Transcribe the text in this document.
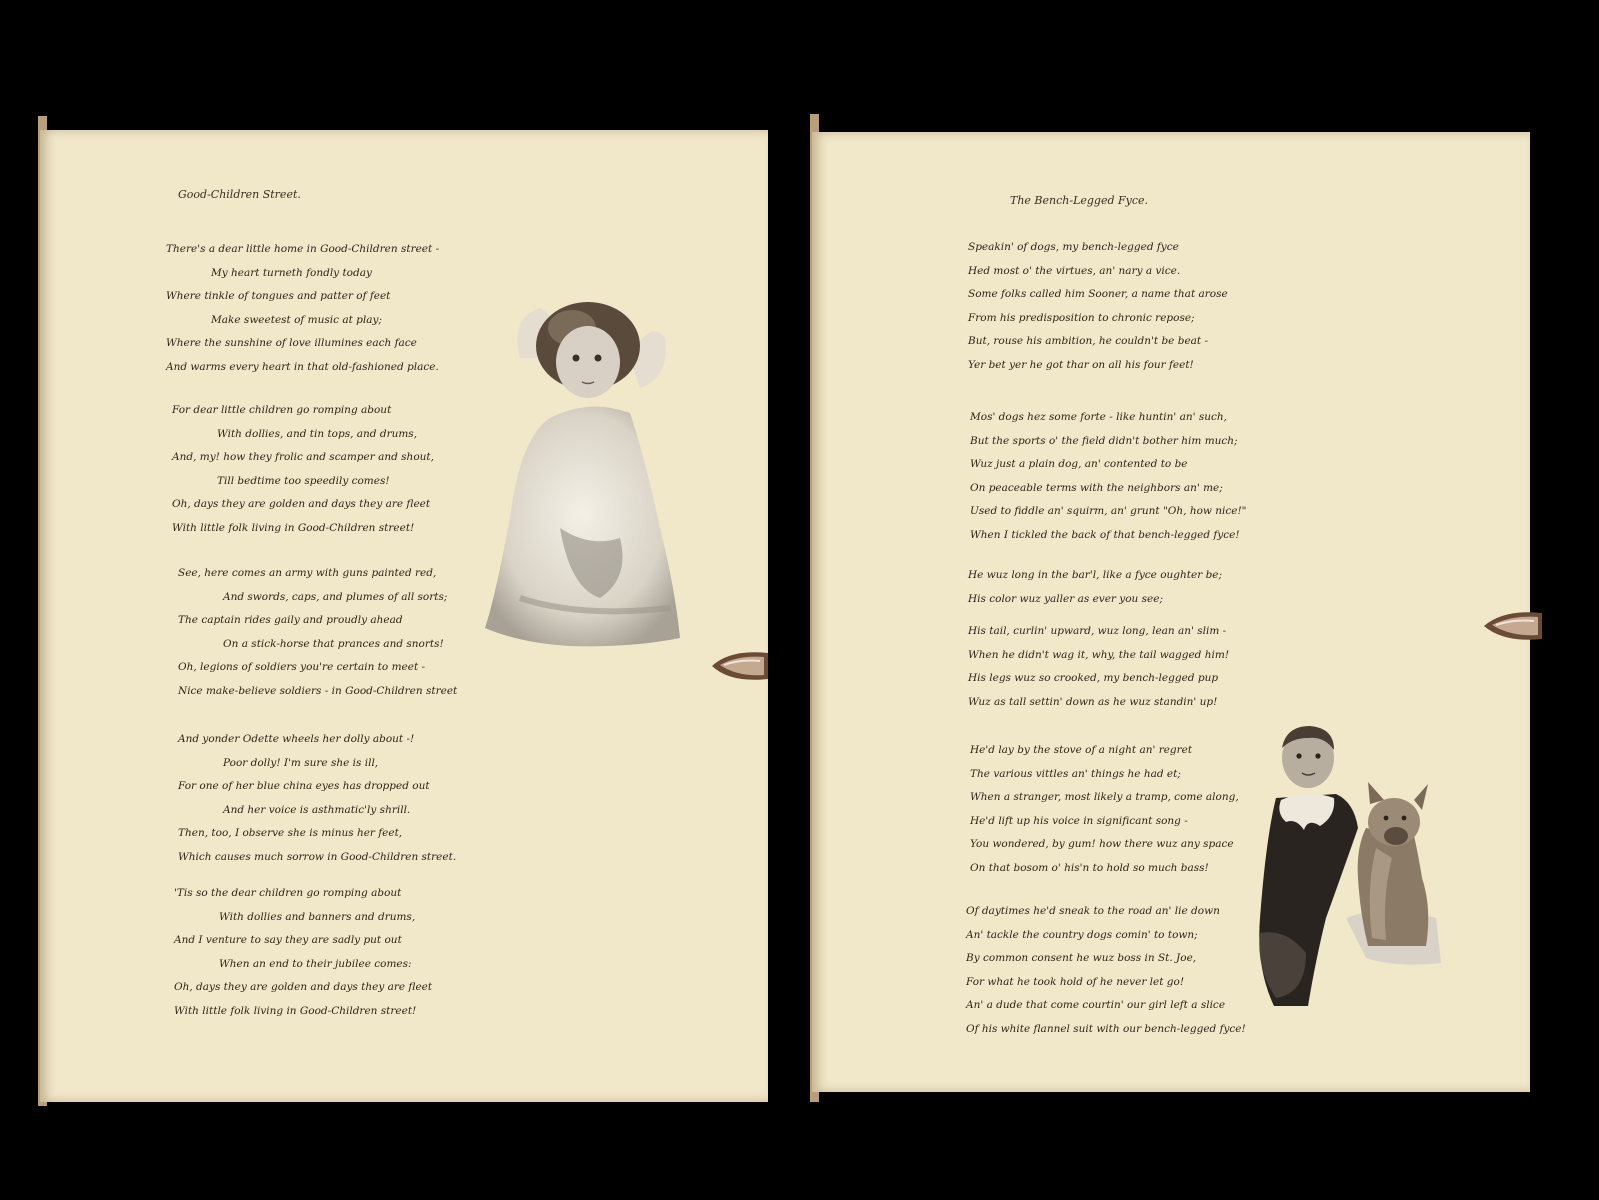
Good-Children Street.
There's a dear little home in Good-Children street -
My heart turneth fondly today
Where tinkle of tongues and patter of feet
Make sweetest of music at play;
Where the sunshine of love illumines each face
And warms every heart in that old-fashioned place.
For dear little children go romping about
With dollies, and tin tops, and drums,
And, my! how they frolic and scamper and shout,
Till bedtime too speedily comes!
Oh, days they are golden and days they are fleet
With little folk living in Good-Children street!
See, here comes an army with guns painted red,
And swords, caps, and plumes of all sorts;
The captain rides gaily and proudly ahead
On a stick-horse that prances and snorts!
Oh, legions of soldiers you're certain to meet -
Nice make-believe soldiers - in Good-Children street
And yonder Odette wheels her dolly about -!
Poor dolly! I'm sure she is ill,
For one of her blue china eyes has dropped out
And her voice is asthmatic'ly shrill.
Then, too, I observe she is minus her feet,
Which causes much sorrow in Good-Children street.
'Tis so the dear children go romping about
With dollies and banners and drums,
And I venture to say they are sadly put out
When an end to their jubilee comes:
Oh, days they are golden and days they are fleet
With little folk living in Good-Children street!
The Bench-Legged Fyce.
Speakin' of dogs, my bench-legged fyce
Hed most o' the virtues, an' nary a vice.
Some folks called him Sooner, a name that arose
From his predisposition to chronic repose;
But, rouse his ambition, he couldn't be beat -
Yer bet yer he got thar on all his four feet!
Mos' dogs hez some forte - like huntin' an' such,
But the sports o' the field didn't bother him much;
Wuz just a plain dog, an' contented to be
On peaceable terms with the neighbors an' me;
Used to fiddle an' squirm, an' grunt "Oh, how nice!"
When I tickled the back of that bench-legged fyce!
He wuz long in the bar'l, like a fyce oughter be;
His color wuz yaller as ever you see;
His tail, curlin' upward, wuz long, lean an' slim -
When he didn't wag it, why, the tail wagged him!
His legs wuz so crooked, my bench-legged pup
Wuz as tall settin' down as he wuz standin' up!
He'd lay by the stove of a night an' regret
The various vittles an' things he had et;
When a stranger, most likely a tramp, come along,
He'd lift up his voice in significant song -
You wondered, by gum! how there wuz any space
On that bosom o' his'n to hold so much bass!
Of daytimes he'd sneak to the road an' lie down
An' tackle the country dogs comin' to town;
By common consent he wuz boss in St. Joe,
For what he took hold of he never let go!
An' a dude that come courtin' our girl left a slice
Of his white flannel suit with our bench-legged fyce!
